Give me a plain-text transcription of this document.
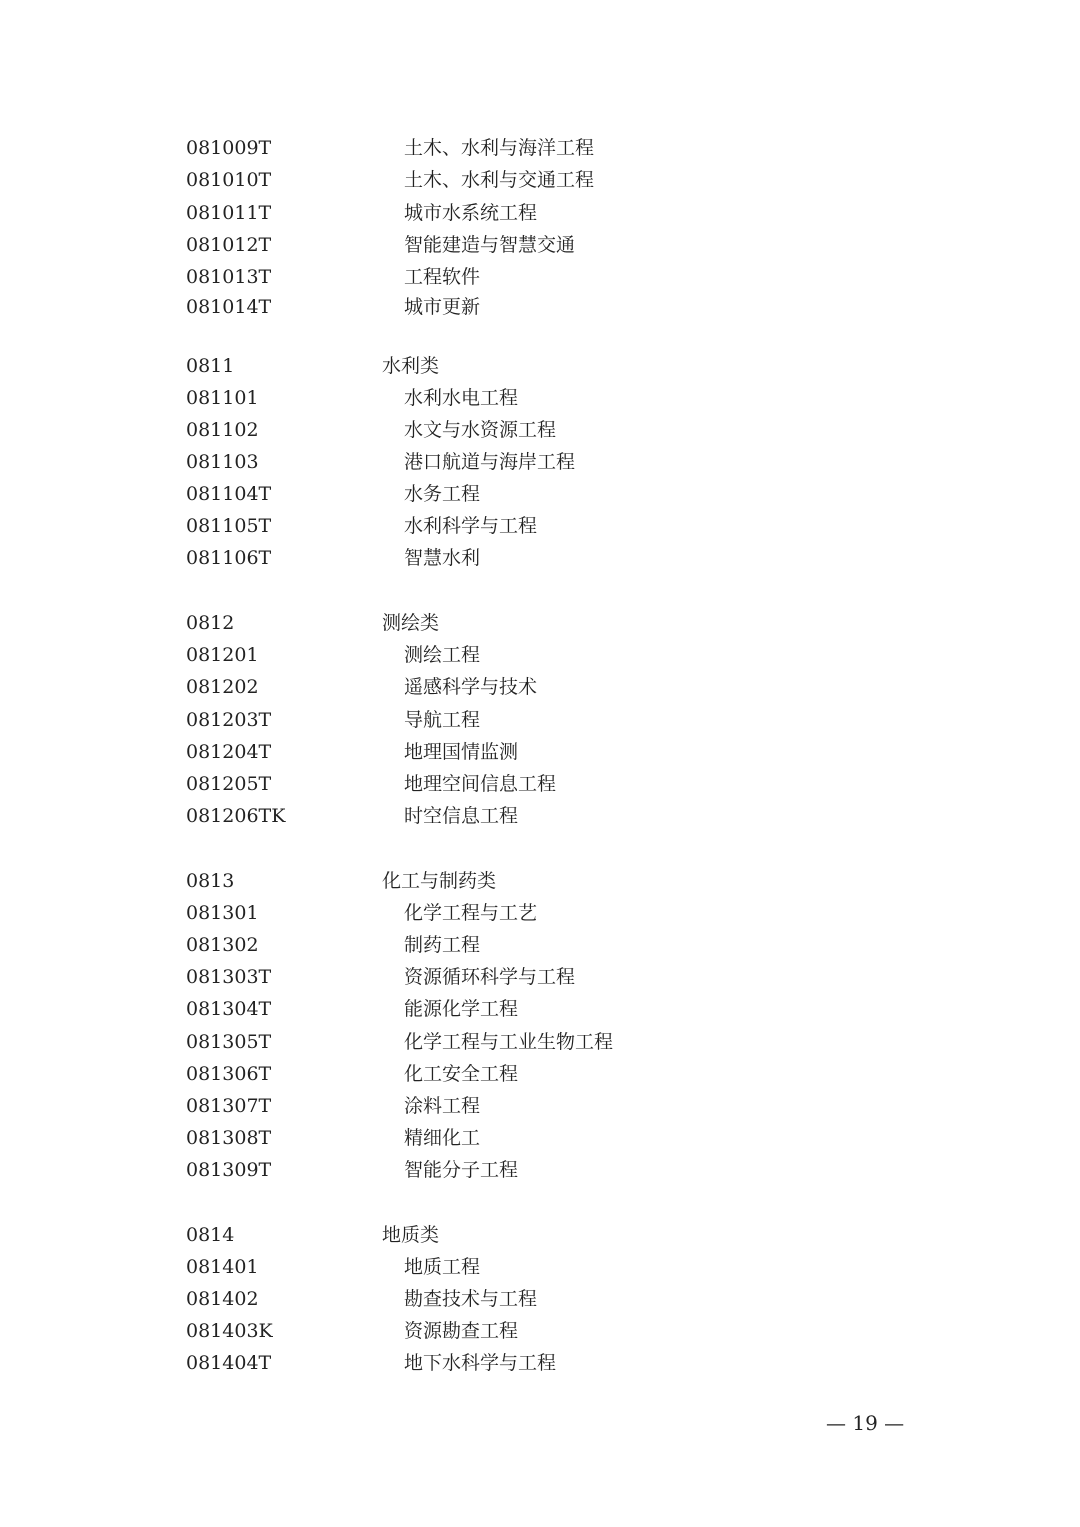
081009T	土木、水利与海洋工程
081010T	土木、水利与交通工程
081011T	城市水系统工程
081012T	智能建造与智慧交通
081013T	工程软件
081014T	城市更新
0811	水利类
081101	水利水电工程
081102	水文与水资源工程
081103	港口航道与海岸工程
081104T	水务工程
081105T	水利科学与工程
081106T	智慧水利
0812	测绘类
081201	测绘工程
081202	遥感科学与技术
081203T	导航工程
081204T	地理国情监测
081205T	地理空间信息工程
081206TK	时空信息工程
0813	化工与制药类
081301	化学工程与工艺
081302	制药工程
081303T	资源循环科学与工程
081304T	能源化学工程
081305T	化学工程与工业生物工程
081306T	化工安全工程
081307T	涂料工程
081308T	精细化工
081309T	智能分子工程
0814	地质类
081401	地质工程
081402	勘查技术与工程
081403K	资源勘查工程
081404T	地下水科学与工程
— 19 —
